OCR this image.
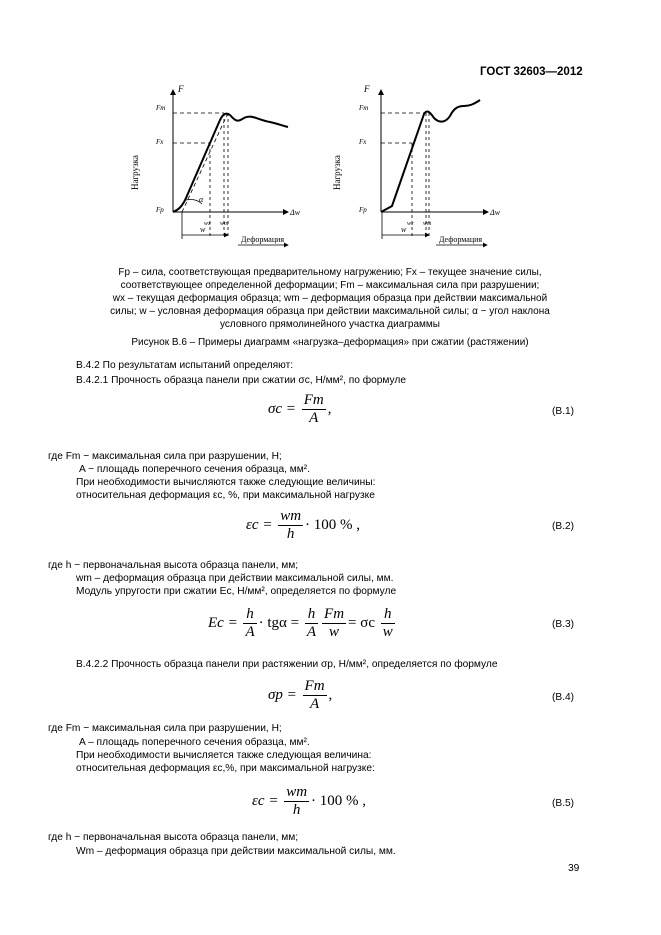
ГОСТ 32603—2012
F
Fm
Fx
Fp	Δw
Нагрузка
α
w
wx wm
Деформация
F
Fm
Fx
Fp	Δw
Нагрузка
w
wx wm
Деформация
Fp – сила, соответствующая предварительному нагружению; Fx – текущее значение силы,
соответствующее определенной деформации; Fm – максимальная сила при разрушении;
wx – текущая деформация образца; wm – деформация образца при действии максимальной
силы; w – условная деформация образца при действии максимальной силы; α − угол наклона
условного прямолинейного участка диаграммы
Рисунок В.6 – Примеры диаграмм «нагрузка–деформация» при сжатии (растяжении)
В.4.2 По результатам испытаний определяют:
В.4.2.1 Прочность образца панели при сжатии σc, Н/мм², по формуле
$\sigma c = \frac{Fm}{A}$ ,	(В.1)
где Fm − максимальная сила при разрушении, Н;
A − площадь поперечного сечения образца, мм².
При необходимости вычисляются также следующие величины:
относительная деформация εc, %, при максимальной нагрузке
$\varepsilon c = \frac{wm}{h} \cdot 100$ % ,	(В.2)
где h − первоначальная высота образца панели, мм;
wm – деформация образца при действии максимальной силы, мм.
Модуль упругости при сжатии Ec, Н/мм², определяется по формуле
$Ec = \frac{h}{A} \cdot tg\alpha = \frac{h}{A} \frac{Fm}{w} = \sigma c \frac{h}{w}$	(В.3)
В.4.2.2 Прочность образца панели при растяжении σp, Н/мм², определяется по формуле
$\sigma p = \frac{Fm}{A}$ ,	(В.4)
где Fm − максимальная сила при разрушении, Н;
A – площадь поперечного сечения образца, мм².
При необходимости вычисляется также следующая величина:
относительная деформация εc,%, при максимальной нагрузке:
$\varepsilon c = \frac{wm}{h} \cdot 100$ % ,	(В.5)
где h − первоначальная высота образца панели, мм;
Wm – деформация образца при действии максимальной силы, мм.
39
